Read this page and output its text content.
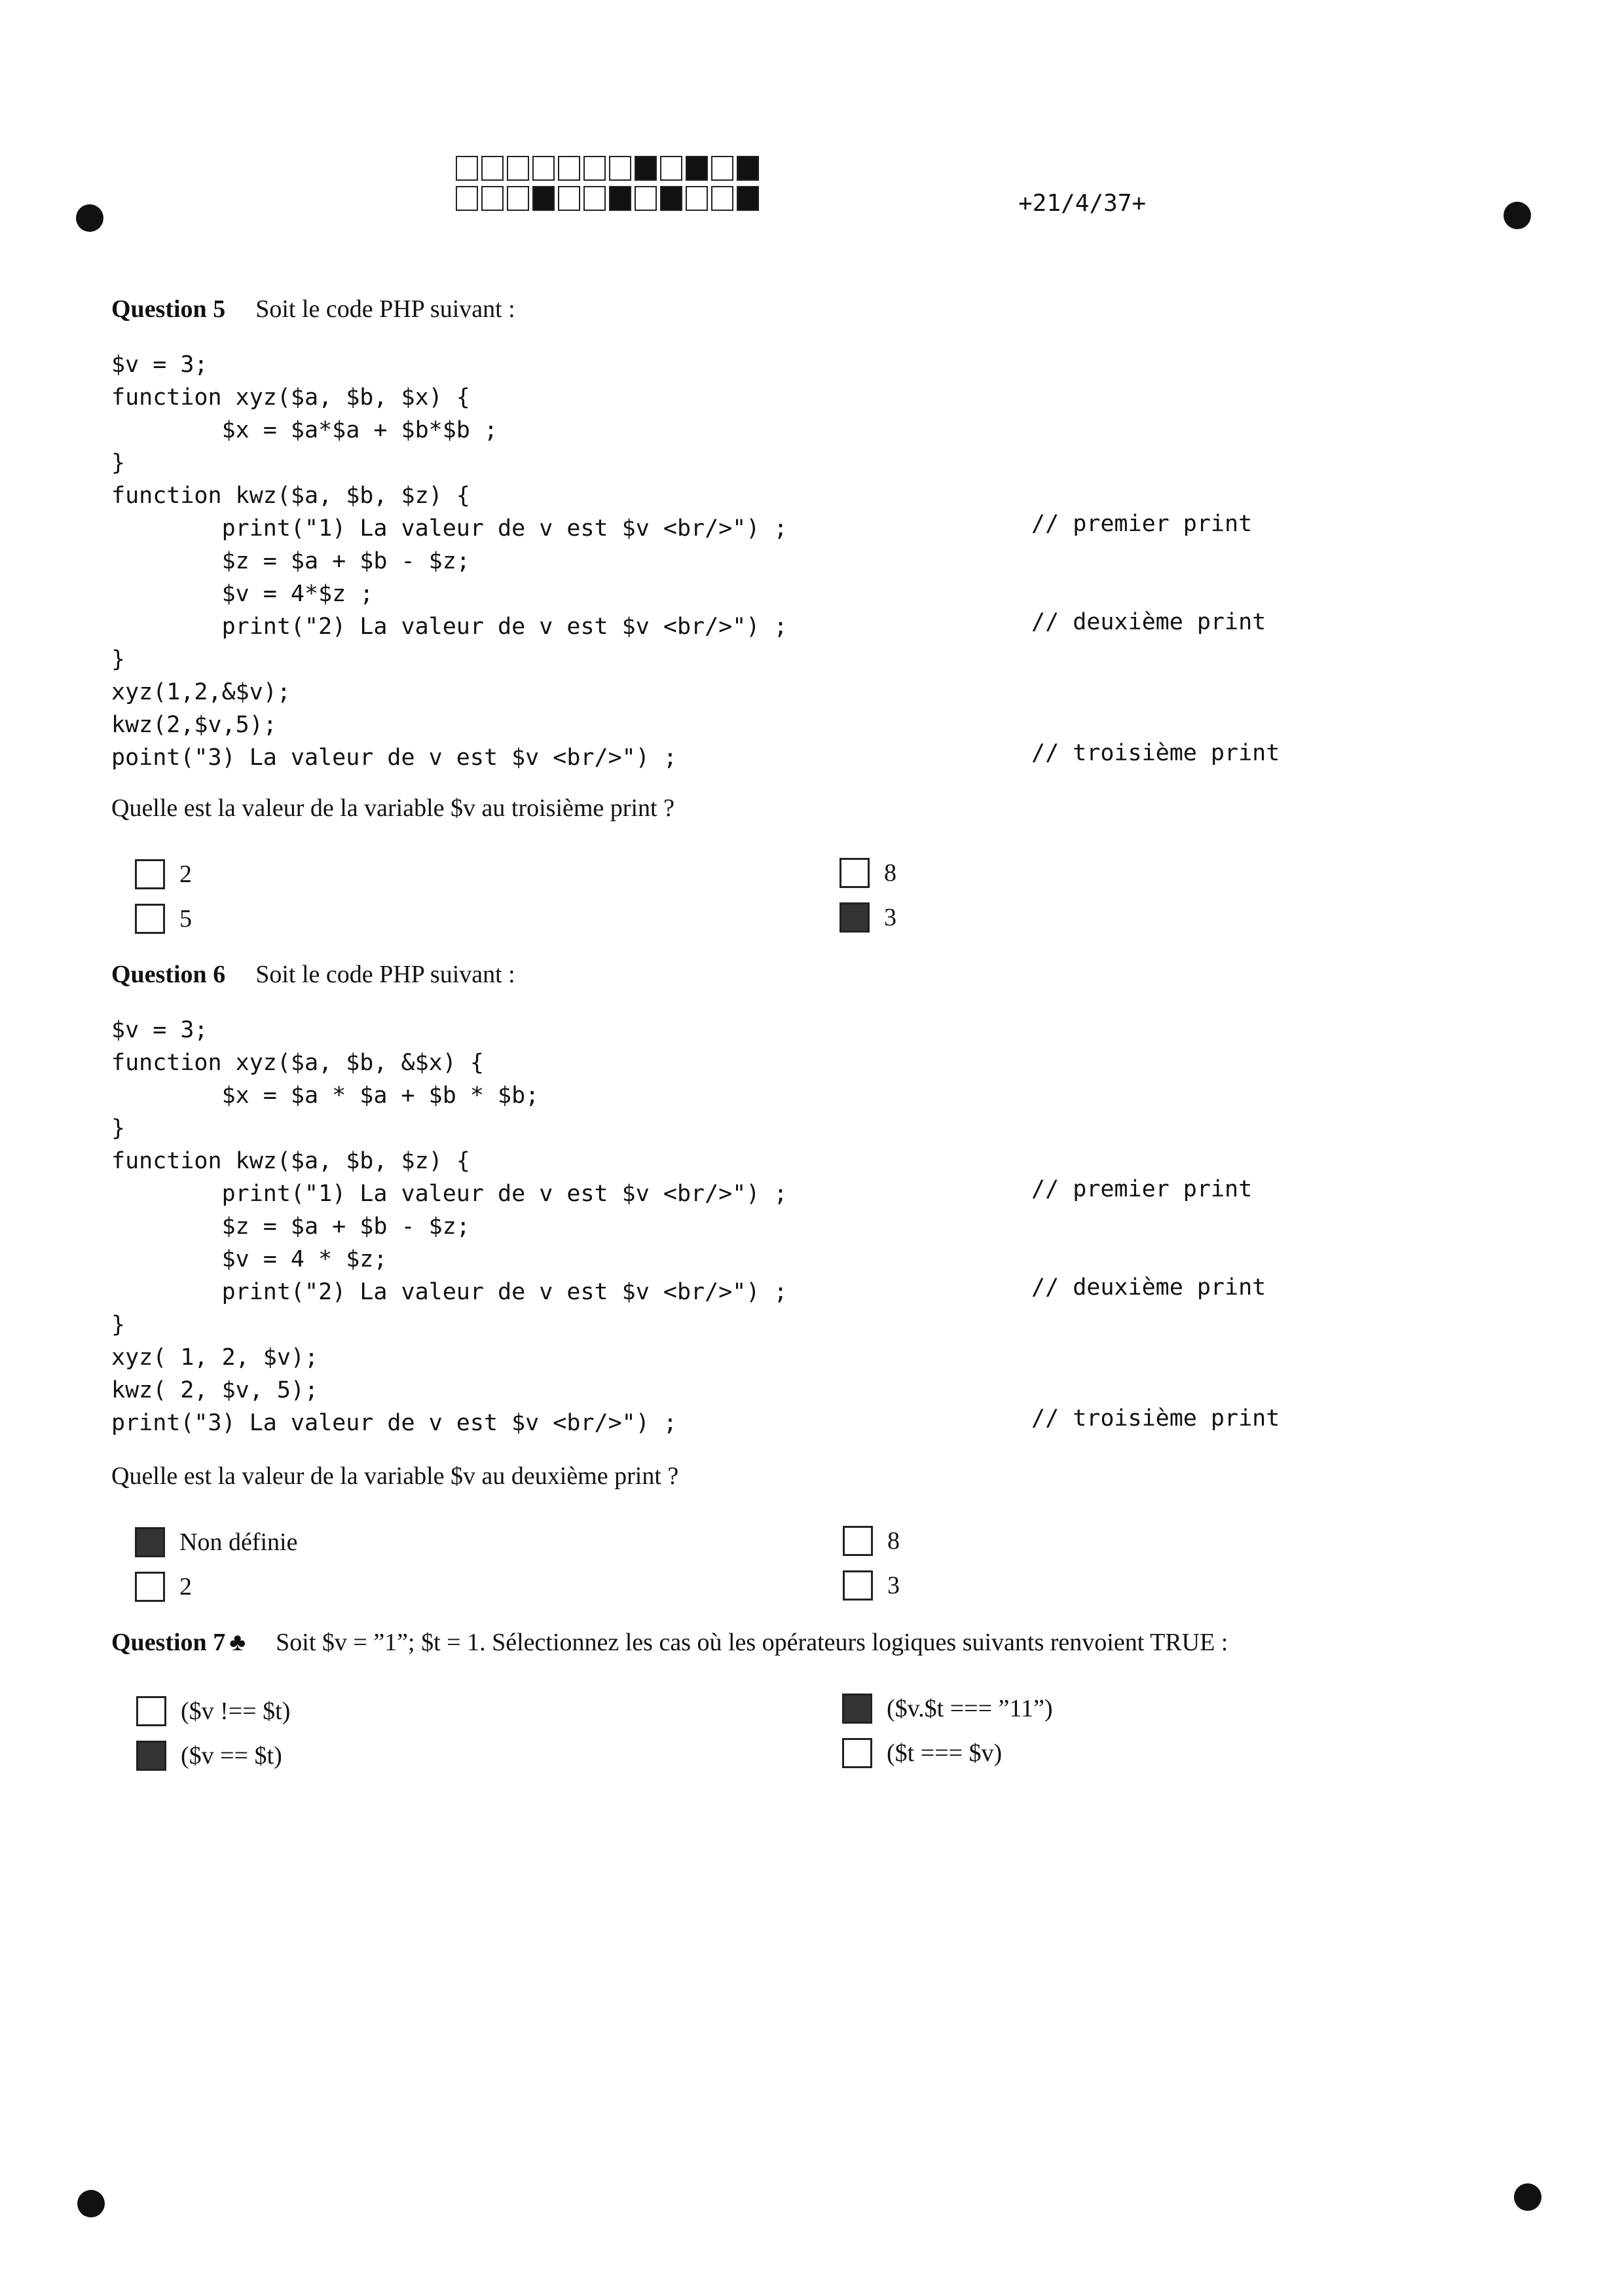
+21/4/37+
Question 5 Soit le code PHP suivant :
$v = 3;
function xyz($a, $b, $x) {
$x = $a*$a + $b*$b ;
}
function kwz($a, $b, $z) {
print("1) La valeur de v est $v <br/>") ;
$z = $a + $b - $z;
$v = 4*$z ;
print("2) La valeur de v est $v <br/>") ;
}
xyz(1,2,&$v);
kwz(2,$v,5);
point("3) La valeur de v est $v <br/>") ;
// premier print
// deuxième print
// troisième print
Quelle est la valeur de la variable $v au troisième print ?
2
5
8
3
Question 6 Soit le code PHP suivant :
$v = 3;
function xyz($a, $b, &$x) {
$x = $a * $a + $b * $b;
}
function kwz($a, $b, $z) {
print("1) La valeur de v est $v <br/>") ;
$z = $a + $b - $z;
$v = 4 * $z;
print("2) La valeur de v est $v <br/>") ;
}
xyz( 1, 2, $v);
kwz( 2, $v, 5);
print("3) La valeur de v est $v <br/>") ;
// premier print
// deuxième print
// troisième print
Quelle est la valeur de la variable $v au deuxième print ?
Non définie
2
8
3
Question 7 ♣ Soit $v = ”1”; $t = 1. Sélectionnez les cas où les opérateurs logiques suivants renvoient TRUE :
($v !== $t)
($v == $t)
($v.$t === ”11”)
($t === $v)
